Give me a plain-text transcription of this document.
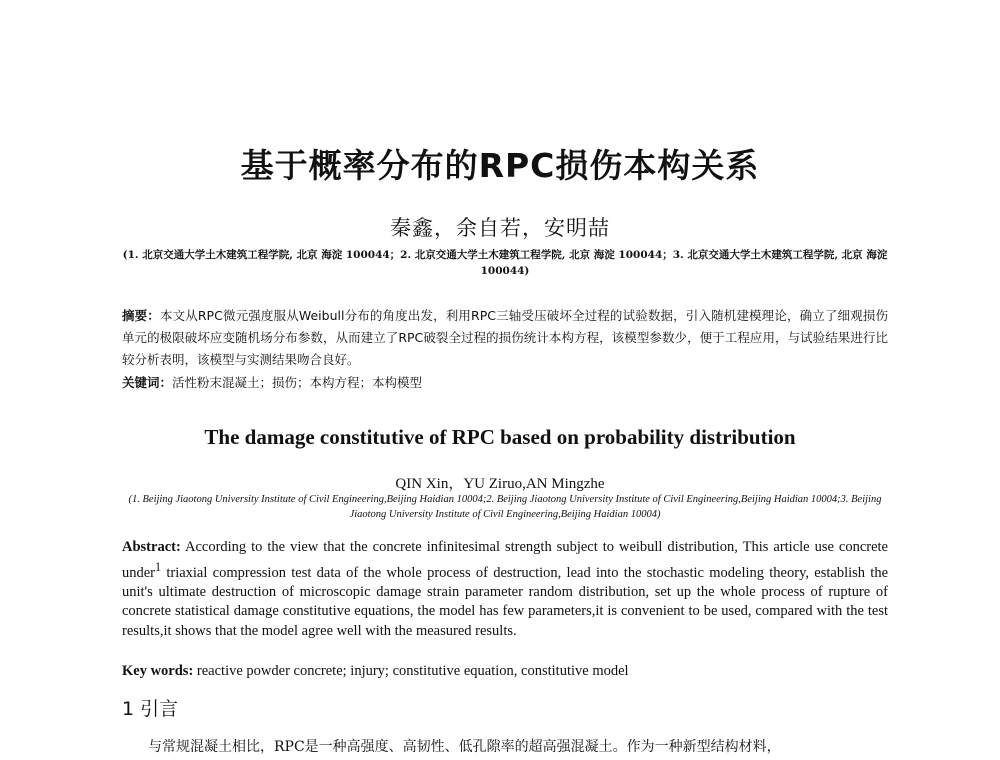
基于概率分布的RPC损伤本构关系
秦鑫，余自若，安明喆
(1. 北京交通大学土木建筑工程学院, 北京 海淀 100044；2. 北京交通大学土木建筑工程学院, 北京 海淀 100044；3. 北京交通大学土木建筑工程学院, 北京 海淀 100044)
摘要：本文从RPC微元强度服从Weibull分布的角度出发，利用RPC三轴受压破坏全过程的试验数据，引入随机建模理论，确立了细观损伤单元的极限破坏应变随机场分布参数，从而建立了RPC破裂全过程的损伤统计本构方程，该模型参数少，便于工程应用，与试验结果进行比较分析表明，该模型与实测结果吻合良好。
关键词：活性粉末混凝土；损伤；本构方程；本构模型
The damage constitutive of RPC based on probability distribution
QIN Xin，YU Ziruo,AN Mingzhe
(1. Beijing Jiaotong University Institute of Civil Engineering,Beijing Haidian 10004;2. Beijing Jiaotong University Institute of Civil Engineering,Beijing Haidian 10004;3. Beijing Jiaotong University Institute of Civil Engineering,Beijing Haidian 10004)
Abstract: According to the view that the concrete infinitesimal strength subject to weibull distribution, This article use concrete under$^1$ triaxial compression test data of the whole process of destruction, lead into the stochastic modeling theory, establish the unit's ultimate destruction of microscopic damage strain parameter random distribution, set up the whole process of rupture of concrete statistical damage constitutive equations, the model has few parameters,it is convenient to be used, compared with the test results,it shows that the model agree well with the measured results.
Key words: reactive powder concrete; injury; constitutive equation, constitutive model
1 引言
与常规混凝土相比，RPC是一种高强度、高韧性、低孔隙率的超高强混凝土。作为一种新型结构材料，
